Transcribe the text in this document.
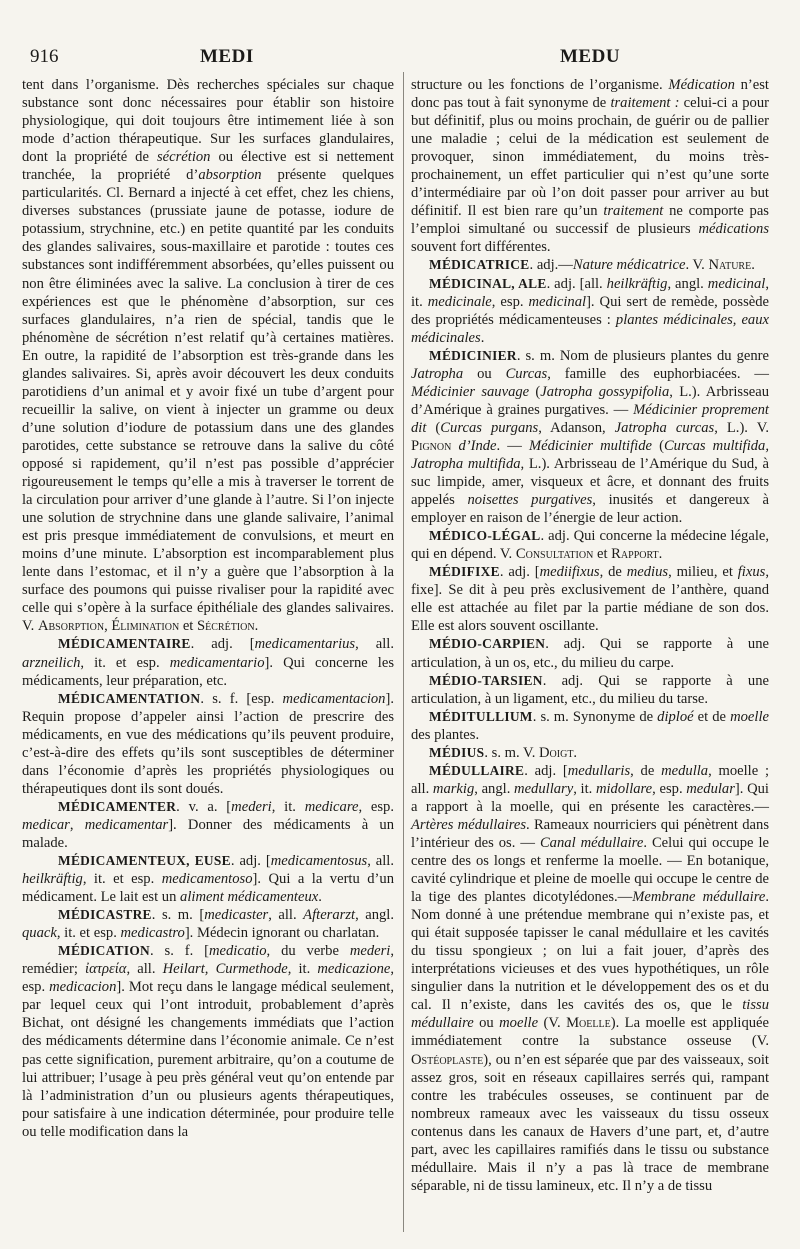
916	MEDI	MEDU

tent dans l’organisme. Dès recherches spéciales sur chaque substance sont donc nécessaires pour établir son histoire physiologique, qui doit toujours être intimement liée à son mode d’action thérapeutique. Sur les surfaces glandulaires, dont la propriété de sécrétion ou élective est si nettement tranchée, la propriété d’absorption présente quelques particularités. Cl. Bernard a injecté à cet effet, chez les chiens, diverses substances (prussiate jaune de potasse, iodure de potassium, strychnine, etc.) en petite quantité par les conduits des glandes salivaires, sous-maxillaire et parotide : toutes ces substances sont indifféremment absorbées, qu’elles puissent ou non être éliminées avec la salive. La conclusion à tirer de ces expériences est que le phénomène d’absorption, sur ces surfaces glandulaires, n’a rien de spécial, tandis que le phénomène de sécrétion n’est relatif qu’à certaines matières. En outre, la rapidité de l’absorption est très-grande dans les glandes salivaires. Si, après avoir découvert les deux conduits parotidiens d’un animal et y avoir fixé un tube d’argent pour recueillir la salive, on vient à injecter un gramme ou deux d’une solution d’iodure de potassium dans une des glandes parotides, cette substance se retrouve dans la salive du côté opposé si rapidement, qu’il n’est pas possible d’apprécier rigoureusement le temps qu’elle a mis à traverser le torrent de la circulation pour arriver d’une glande à l’autre. Si l’on injecte une solution de strychnine dans une glande salivaire, l’animal est pris presque immédiatement de convulsions, et meurt en moins d’une minute. L’absorption est incomparablement plus lente dans l’estomac, et il n’y a guère que l’absorption à la surface des poumons qui puisse rivaliser pour la rapidité avec celle qui s’opère à la surface épithéliale des glandes salivaires. V. Absorption, Élimination et Sécrétion.

MÉDICAMENTAIRE. adj. [medicamentarius, all. arzneilich, it. et esp. medicamentario]. Qui concerne les médicaments, leur préparation, etc.

MÉDICAMENTATION. s. f. [esp. medicamentacion]. Requin propose d’appeler ainsi l’action de prescrire des médicaments, en vue des médications qu’ils peuvent produire, c’est-à-dire des effets qu’ils sont susceptibles de déterminer dans l’économie d’après les propriétés physiologiques ou thérapeutiques dont ils sont doués.

MÉDICAMENTER. v. a. [mederi, it. medicare, esp. medicar, medicamentar]. Donner des médicaments à un malade.

MÉDICAMENTEUX, EUSE. adj. [medicamentosus, all. heilkräftig, it. et esp. medicamentoso]. Qui a la vertu d’un médicament. Le lait est un aliment médicamenteux.

MÉDICASTRE. s. m. [medicaster, all. Afterarzt, angl. quack, it. et esp. medicastro]. Médecin ignorant ou charlatan.

MÉDICATION. s. f. [medicatio, du verbe mederi, remédier; ἰατρεία, all. Heilart, Curmethode, it. medicazione, esp. medicacion]. Mot reçu dans le langage médical seulement, par lequel ceux qui l’ont introduit, probablement d’après Bichat, ont désigné les changements immédiats que l’action des médicaments détermine dans l’économie animale. Ce n’est pas cette signification, purement arbitraire, qu’on a coutume de lui attribuer; l’usage à peu près général veut qu’on entende par là l’administration d’un ou plusieurs agents thérapeutiques, pour satisfaire à une indication déterminée, pour produire telle ou telle modification dans la

structure ou les fonctions de l’organisme. Médication n’est donc pas tout à fait synonyme de traitement : celui-ci a pour but définitif, plus ou moins prochain, de guérir ou de pallier une maladie ; celui de la médication est seulement de provoquer, sinon immédiatement, du moins très-prochainement, un effet particulier qui n’est qu’une sorte d’intermédiaire par où l’on doit passer pour arriver au but définitif. Il est bien rare qu’un traitement ne comporte pas l’emploi simultané ou successif de plusieurs médications souvent fort différentes.

MÉDICATRICE. adj.—Nature médicatrice. V. Nature.

MÉDICINAL, ALE. adj. [all. heilkräftig, angl. medicinal, it. medicinale, esp. medicinal]. Qui sert de remède, possède des propriétés médicamenteuses : plantes médicinales, eaux médicinales.

MÉDICINIER. s. m. Nom de plusieurs plantes du genre Jatropha ou Curcas, famille des euphorbiacées. — Médicinier sauvage (Jatropha gossypifolia, L.). Arbrisseau d’Amérique à graines purgatives. — Médicinier proprement dit (Curcas purgans, Adanson, Jatropha curcas, L.). V. Pignon d’Inde. — Médicinier multifide (Curcas multifida, Jatropha multifida, L.). Arbrisseau de l’Amérique du Sud, à suc limpide, amer, visqueux et âcre, et donnant des fruits appelés noisettes purgatives, inusités et dangereux à employer en raison de l’énergie de leur action.

MÉDICO-LÉGAL. adj. Qui concerne la médecine légale, qui en dépend. V. Consultation et Rapport.

MÉDIFIXE. adj. [mediifixus, de medius, milieu, et fixus, fixe]. Se dit à peu près exclusivement de l’anthère, quand elle est attachée au filet par la partie médiane de son dos. Elle est alors souvent oscillante.

MÉDIO-CARPIEN. adj. Qui se rapporte à une articulation, à un os, etc., du milieu du carpe.

MÉDIO-TARSIEN. adj. Qui se rapporte à une articulation, à un ligament, etc., du milieu du tarse.

MÉDITULLIUM. s. m. Synonyme de diploé et de moelle des plantes.

MÉDIUS. s. m. V. Doigt.

MÉDULLAIRE. adj. [medullaris, de medulla, moelle ; all. markig, angl. medullary, it. midollare, esp. medular]. Qui a rapport à la moelle, qui en présente les caractères.—Artères médullaires. Rameaux nourriciers qui pénètrent dans l’intérieur des os. — Canal médullaire. Celui qui occupe le centre des os longs et renferme la moelle. — En botanique, cavité cylindrique et pleine de moelle qui occupe le centre de la tige des plantes dicotylédones.—Membrane médullaire. Nom donné à une prétendue membrane qui n’existe pas, et qui était supposée tapisser le canal médullaire et les cavités du tissu spongieux ; on lui a fait jouer, d’après des interprétations vicieuses et des vues hypothétiques, un rôle singulier dans la nutrition et le développement des os et du cal. Il n’existe, dans les cavités des os, que le tissu médullaire ou moelle (V. Moelle). La moelle est appliquée immédiatement contre la substance osseuse (V. Ostéoplaste), ou n’en est séparée que par des vaisseaux, soit assez gros, soit en réseaux capillaires serrés qui, rampant contre les trabécules osseuses, se continuent par de nombreux rameaux avec les vaisseaux du tissu osseux contenus dans les canaux de Havers d’une part, et, d’autre part, avec les capillaires ramifiés dans le tissu ou substance médullaire. Mais il n’y a pas là trace de membrane séparable, ni de tissu lamineux, etc. Il n’y a de tissu
